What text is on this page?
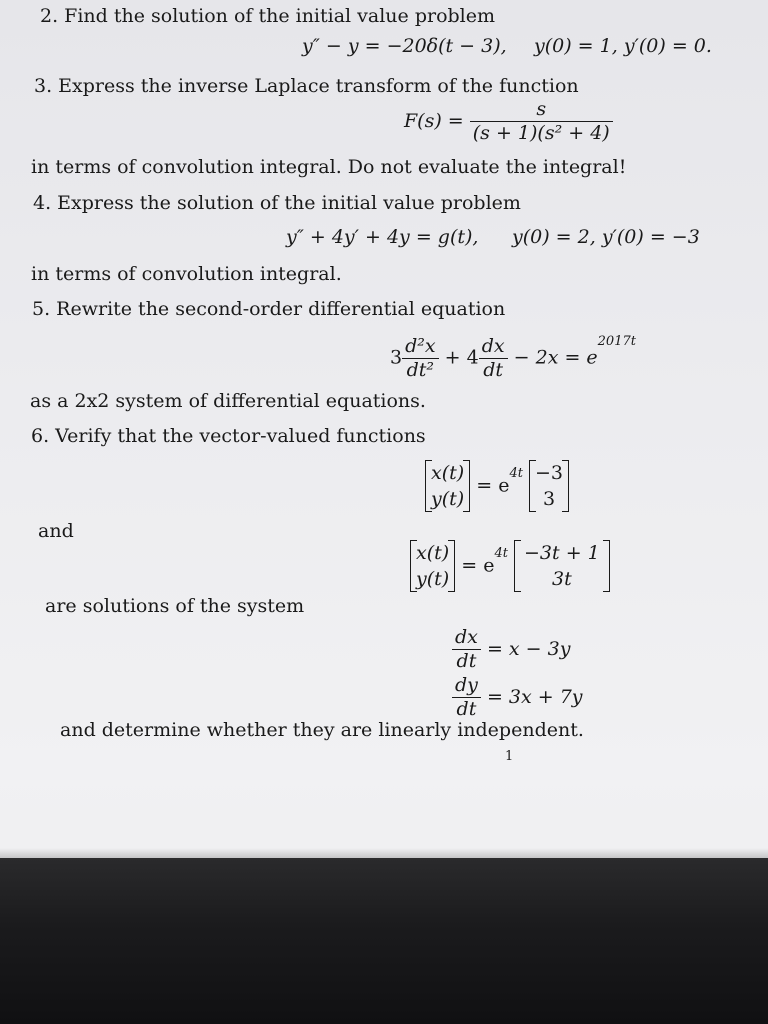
2. Find the solution of the initial value problem
y″ − y = −20δ(t − 3), y(0) = 1, y′(0) = 0.
3. Express the inverse Laplace transform of the function
$F(s) = \frac{s}{\text{(s + 1)(s² + 4)}}$
in terms of convolution integral. Do not evaluate the integral!
4. Express the solution of the initial value problem
y″ + 4y′ + 4y = g(t), y(0) = 2, y′(0) = −3
in terms of convolution integral.
5. Rewrite the second-order differential equation
$3 \frac{\text{d²x}}{\text{dt²}} + 4 \frac{dx}{dt} - 2x = e^{2017t}$
as a 2x2 system of differential equations.
6. Verify that the vector-valued functions
x(t)
y(t)
= $e^{4t} -3$
3
and
x(t)
y(t)
= $e^{4t} -3t + 1$
3t
are solutions of the system
$\frac{dx}{dt} = x - 3y$
$\frac{dy}{dt} = 3x + 7y$
and determine whether they are linearly independent.
1
